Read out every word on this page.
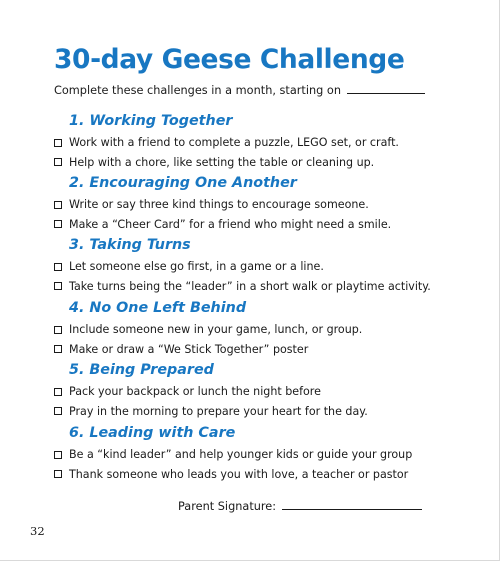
30-day Geese Challenge
Complete these challenges in a month, starting on
1. Working Together
Work with a friend to complete a puzzle, LEGO set, or craft.
Help with a chore, like setting the table or cleaning up.
2. Encouraging One Another
Write or say three kind things to encourage someone.
Make a “Cheer Card” for a friend who might need a smile.
3. Taking Turns
Let someone else go first, in a game or a line.
Take turns being the “leader” in a short walk or playtime activity.
4. No One Left Behind
Include someone new in your game, lunch, or group.
Make or draw a “We Stick Together” poster
5. Being Prepared
Pack your backpack or lunch the night before
Pray in the morning to prepare your heart for the day.
6. Leading with Care
Be a “kind leader” and help younger kids or guide your group
Thank someone who leads you with love, a teacher or pastor
Parent Signature:
32
